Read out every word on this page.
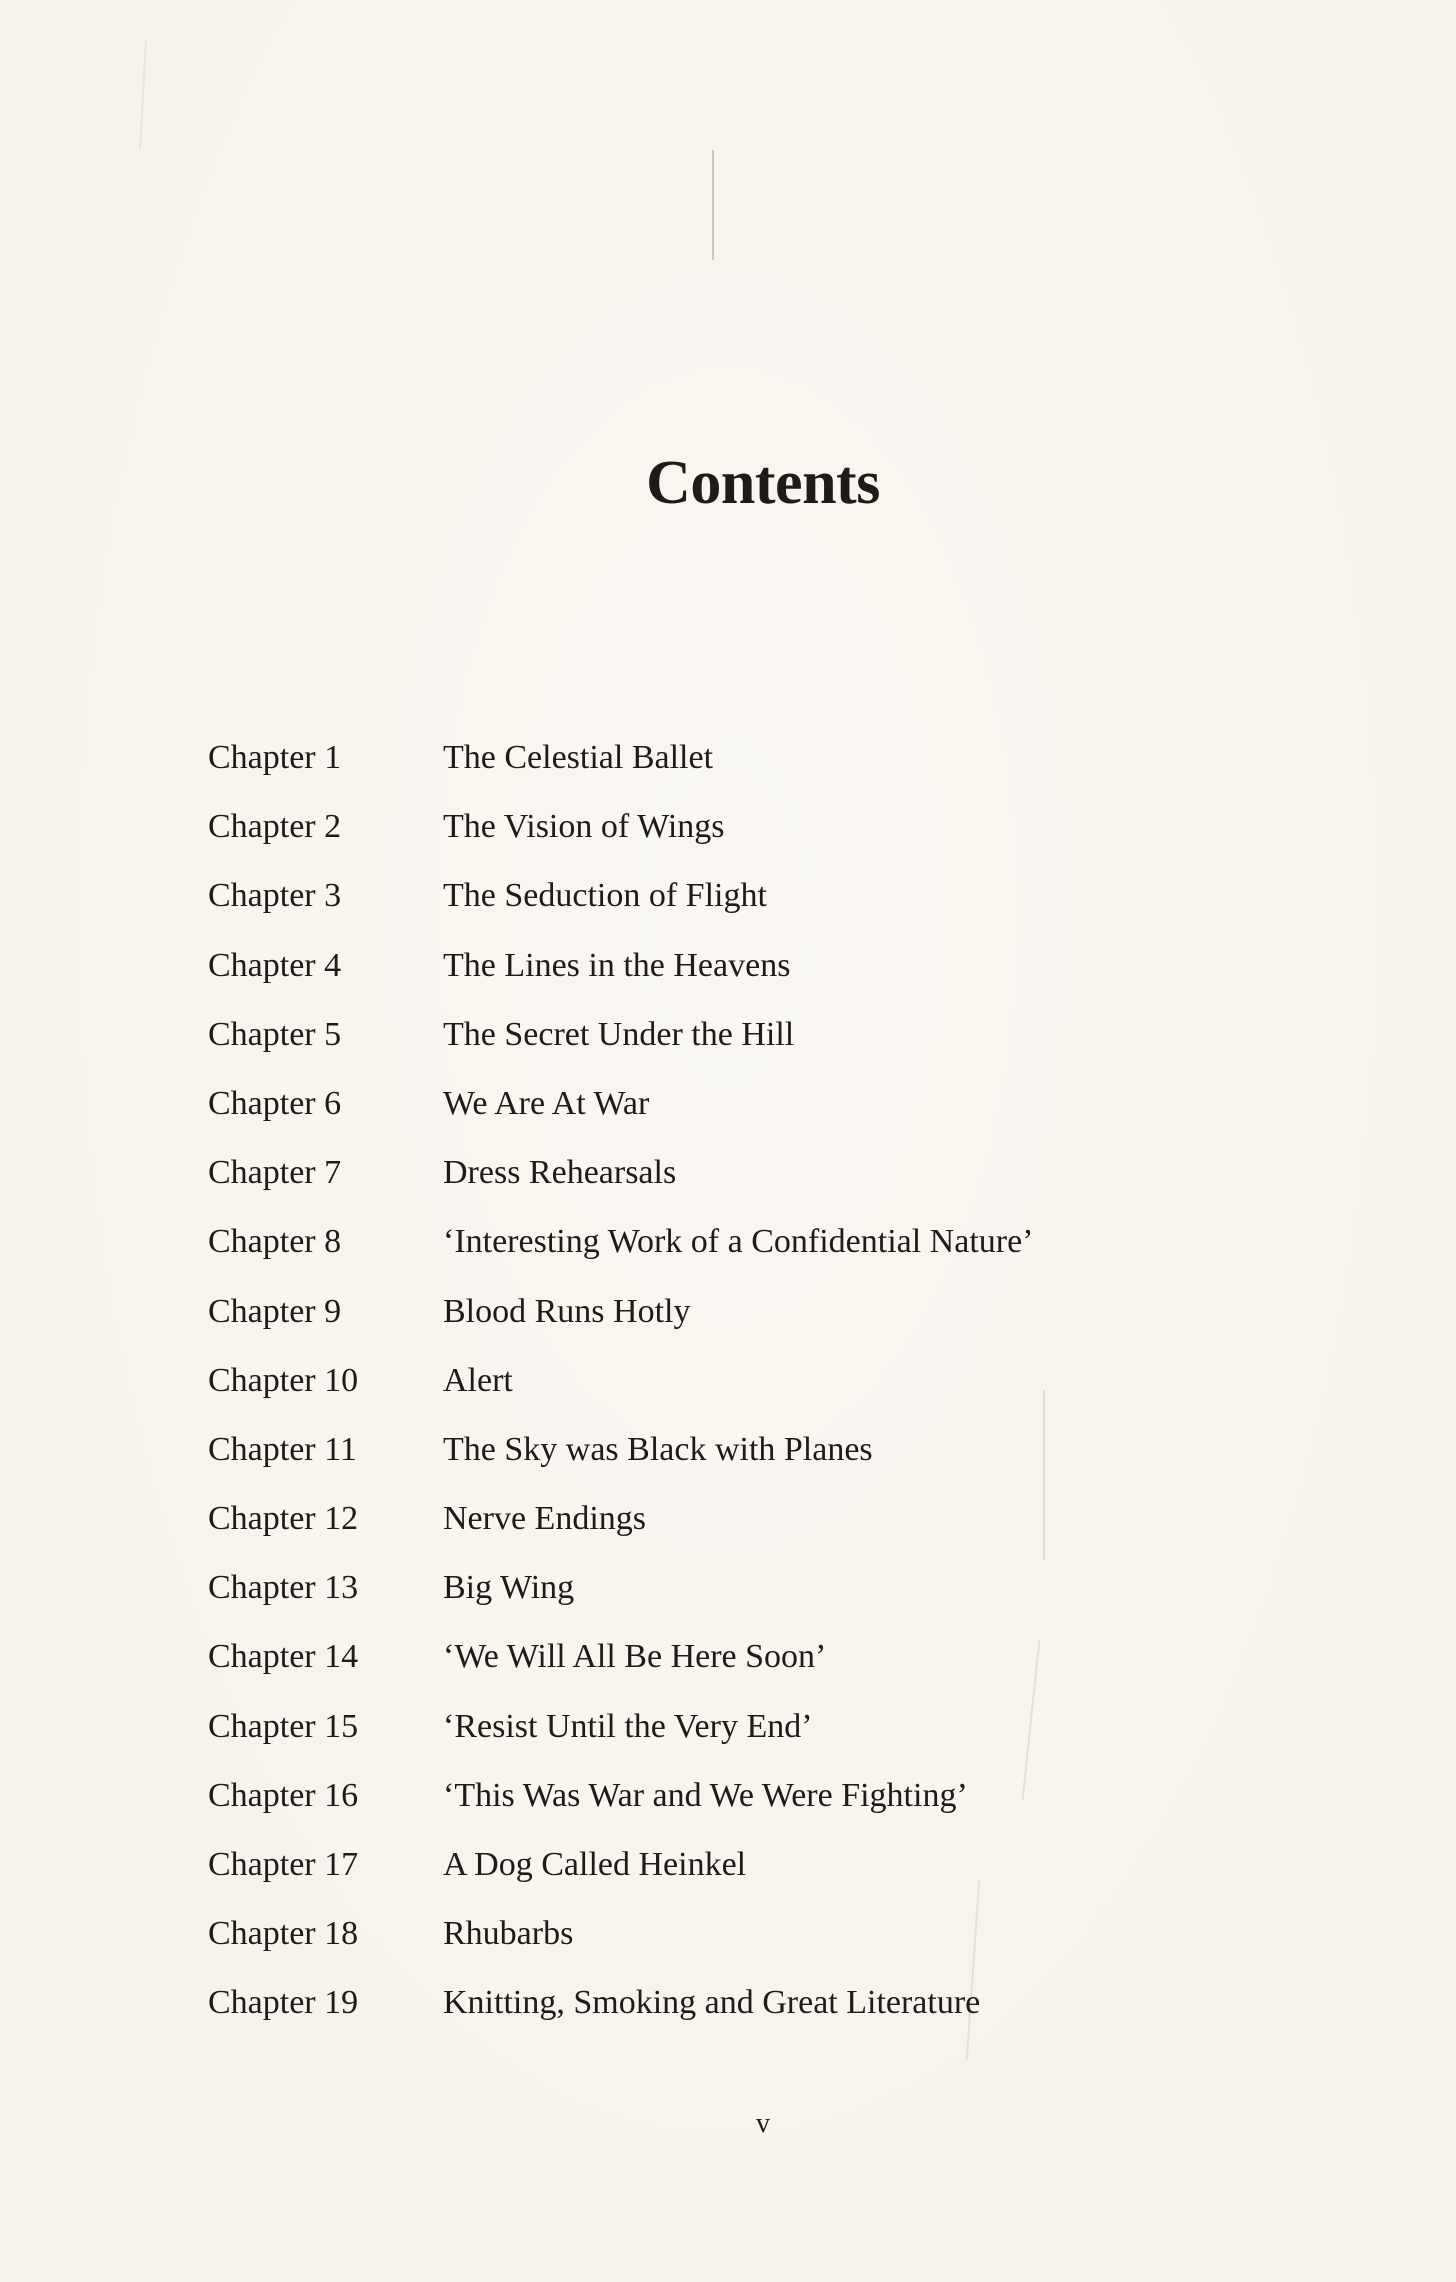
Contents
Chapter 1	The Celestial Ballet
Chapter 2	The Vision of Wings
Chapter 3	The Seduction of Flight
Chapter 4	The Lines in the Heavens
Chapter 5	The Secret Under the Hill
Chapter 6	We Are At War
Chapter 7	Dress Rehearsals
Chapter 8	‘Interesting Work of a Confidential Nature’
Chapter 9	Blood Runs Hotly
Chapter 10 Alert
Chapter 11	The Sky was Black with Planes
Chapter 12 Nerve Endings
Chapter 13 Big Wing
Chapter 14 ‘We Will All Be Here Soon’
Chapter 15 ‘Resist Until the Very End’
Chapter 16 ‘This Was War and We Were Fighting’
Chapter 17 A Dog Called Heinkel
Chapter 18 Rhubarbs
Chapter 19 Knitting, Smoking and Great Literature
v
